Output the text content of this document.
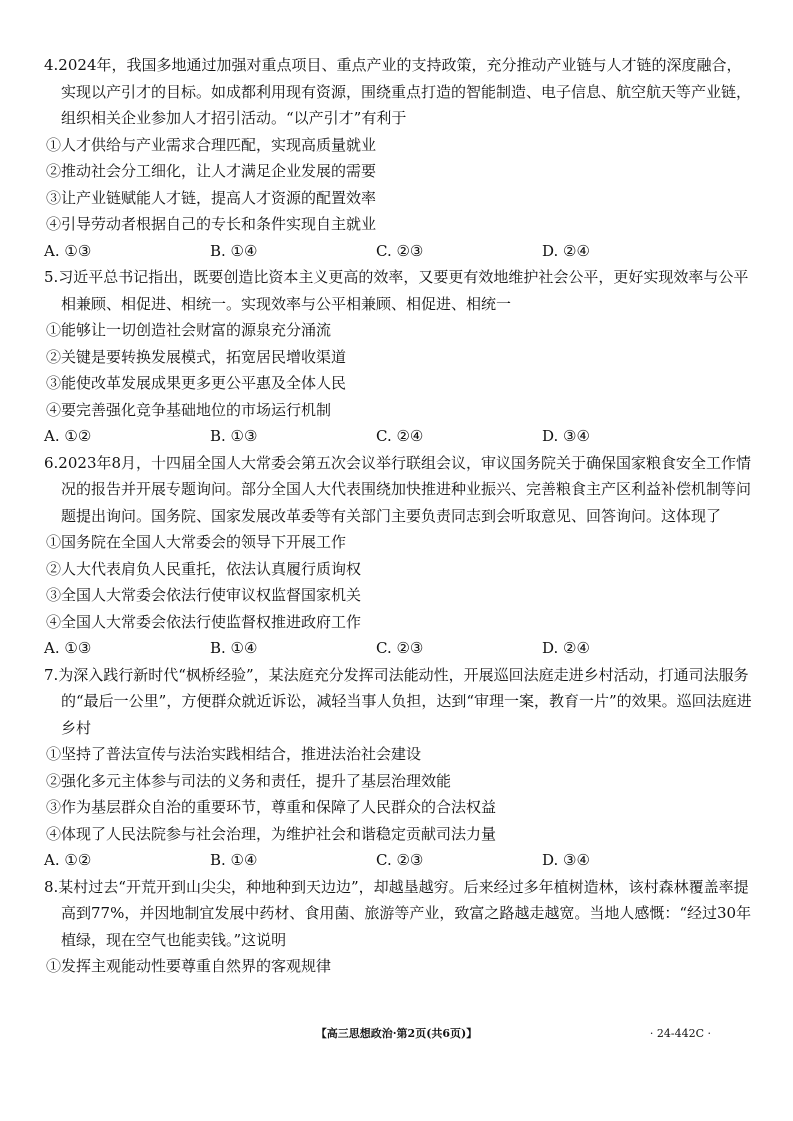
4.2024年，我国多地通过加强对重点项目、重点产业的支持政策，充分推动产业链与人才链的深度融合，实现以产引才的目标。如成都利用现有资源，围绕重点打造的智能制造、电子信息、航空航天等产业链，组织相关企业参加人才招引活动。“以产引才”有利于

①人才供给与产业需求合理匹配，实现高质量就业

②推动社会分工细化，让人才满足企业发展的需要

③让产业链赋能人才链，提高人才资源的配置效率

④引导劳动者根据自己的专长和条件实现自主就业

A. ①③	B. ①④	C. ②③	D. ②④

5.习近平总书记指出，既要创造比资本主义更高的效率，又要更有效地维护社会公平，更好实现效率与公平相兼顾、相促进、相统一。实现效率与公平相兼顾、相促进、相统一

①能够让一切创造社会财富的源泉充分涌流

②关键是要转换发展模式，拓宽居民增收渠道

③能使改革发展成果更多更公平惠及全体人民

④要完善强化竞争基础地位的市场运行机制

A. ①②	B. ①③	C. ②④	D. ③④

6.2023年8月，十四届全国人大常委会第五次会议举行联组会议，审议国务院关于确保国家粮食安全工作情况的报告并开展专题询问。部分全国人大代表围绕加快推进种业振兴、完善粮食主产区利益补偿机制等问题提出询问。国务院、国家发展改革委等有关部门主要负责同志到会听取意见、回答询问。这体现了

①国务院在全国人大常委会的领导下开展工作

②人大代表肩负人民重托，依法认真履行质询权

③全国人大常委会依法行使审议权监督国家机关

④全国人大常委会依法行使监督权推进政府工作

A. ①③	B. ①④	C. ②③	D. ②④

7.为深入践行新时代“枫桥经验”，某法庭充分发挥司法能动性，开展巡回法庭走进乡村活动，打通司法服务的“最后一公里”，方便群众就近诉讼，减轻当事人负担，达到“审理一案，教育一片”的效果。巡回法庭进乡村

①坚持了普法宣传与法治实践相结合，推进法治社会建设

②强化多元主体参与司法的义务和责任，提升了基层治理效能

③作为基层群众自治的重要环节，尊重和保障了人民群众的合法权益

④体现了人民法院参与社会治理，为维护社会和谐稳定贡献司法力量

A. ①②	B. ①④	C. ②③	D. ③④

8.某村过去“开荒开到山尖尖，种地种到天边边”，却越垦越穷。后来经过多年植树造林，该村森林覆盖率提高到77%，并因地制宜发展中药材、食用菌、旅游等产业，致富之路越走越宽。当地人感慨：“经过30年植绿，现在空气也能卖钱。”这说明

①发挥主观能动性要尊重自然界的客观规律

【高三思想政治·第2页(共6页)】	· 24-442C ·
